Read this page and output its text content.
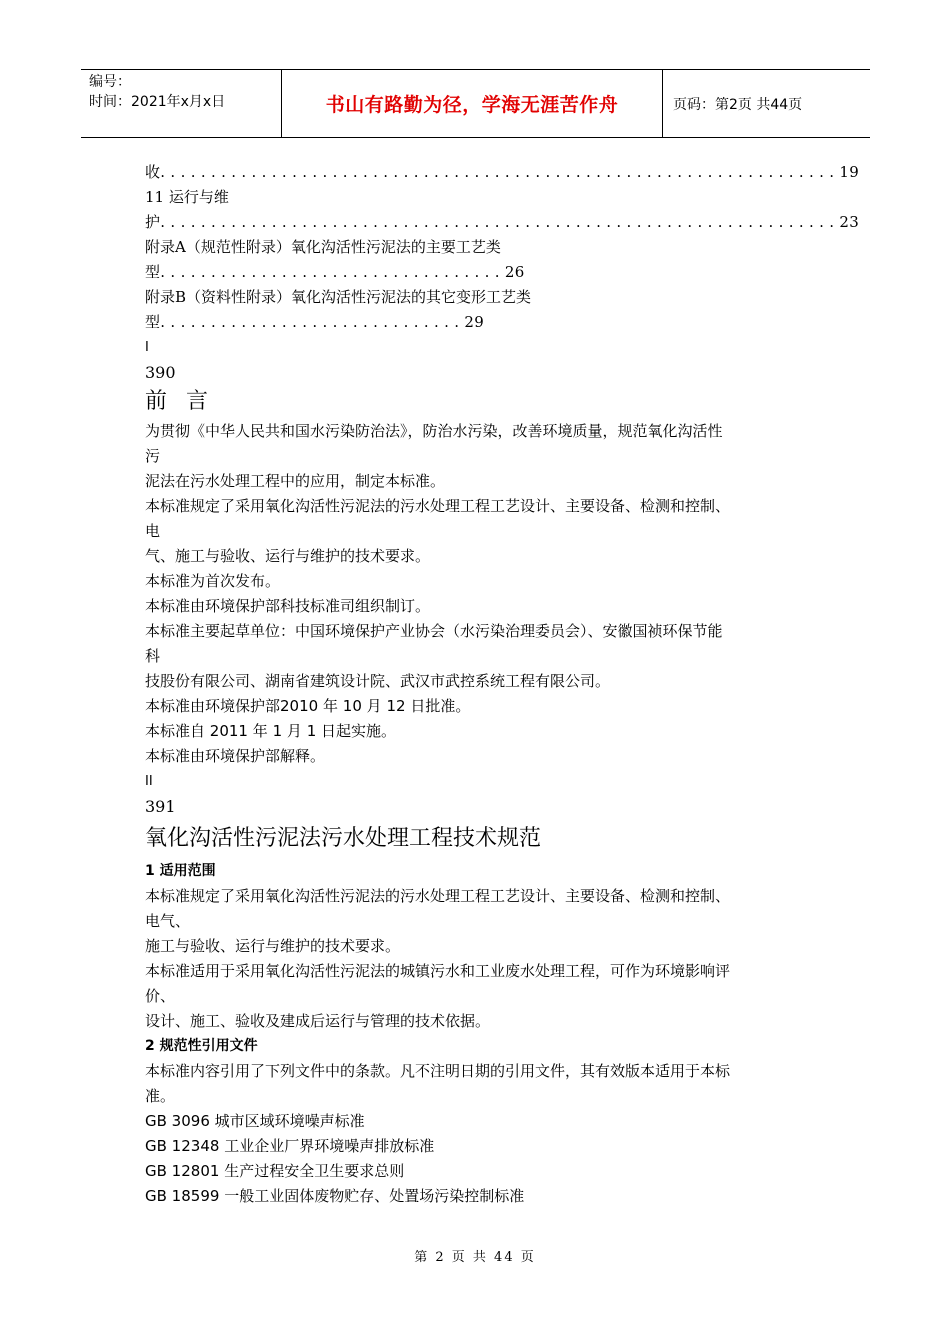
编号：
时间：2021年x月x日	书山有路勤为径，学海无涯苦作舟	页码：第2页 共44页
收. . . . . . . . . . . . . . . . . . . . . . . . . . . . . . . . . . . . . . . . . . . . . . . . . . . . . . . . . . . . . . . . . . . 19
11 运行与维
护. . . . . . . . . . . . . . . . . . . . . . . . . . . . . . . . . . . . . . . . . . . . . . . . . . . . . . . . . . . . . . . . . . . 23
附录A（规范性附录）氧化沟活性污泥法的主要工艺类
型. . . . . . . . . . . . . . . . . . . . . . . . . . . . . . . . . . 26
附录B（资料性附录）氧化沟活性污泥法的其它变形工艺类
型. . . . . . . . . . . . . . . . . . . . . . . . . . . . . . 29
I
390
前 言
为贯彻《中华人民共和国水污染防治法》，防治水污染，改善环境质量，规范氧化沟活性
污
泥法在污水处理工程中的应用，制定本标准。
本标准规定了采用氧化沟活性污泥法的污水处理工程工艺设计、主要设备、检测和控制、
电
气、施工与验收、运行与维护的技术要求。
本标准为首次发布。
本标准由环境保护部科技标准司组织制订。
本标准主要起草单位：中国环境保护产业协会（水污染治理委员会）、安徽国祯环保节能
科
技股份有限公司、湖南省建筑设计院、武汉市武控系统工程有限公司。
本标准由环境保护部2010 年 10 月 12 日批准。
本标准自 2011 年 1 月 1 日起实施。
本标准由环境保护部解释。
II
391
氧化沟活性污泥法污水处理工程技术规范
1 适用范围
本标准规定了采用氧化沟活性污泥法的污水处理工程工艺设计、主要设备、检测和控制、
电气、
施工与验收、运行与维护的技术要求。
本标准适用于采用氧化沟活性污泥法的城镇污水和工业废水处理工程，可作为环境影响评
价、
设计、施工、验收及建成后运行与管理的技术依据。
2 规范性引用文件
本标准内容引用了下列文件中的条款。凡不注明日期的引用文件，其有效版本适用于本标
准。
GB 3096 城市区域环境噪声标准
GB 12348 工业企业厂界环境噪声排放标准
GB 12801 生产过程安全卫生要求总则
GB 18599 一般工业固体废物贮存、处置场污染控制标准
第 2 页 共 44 页
